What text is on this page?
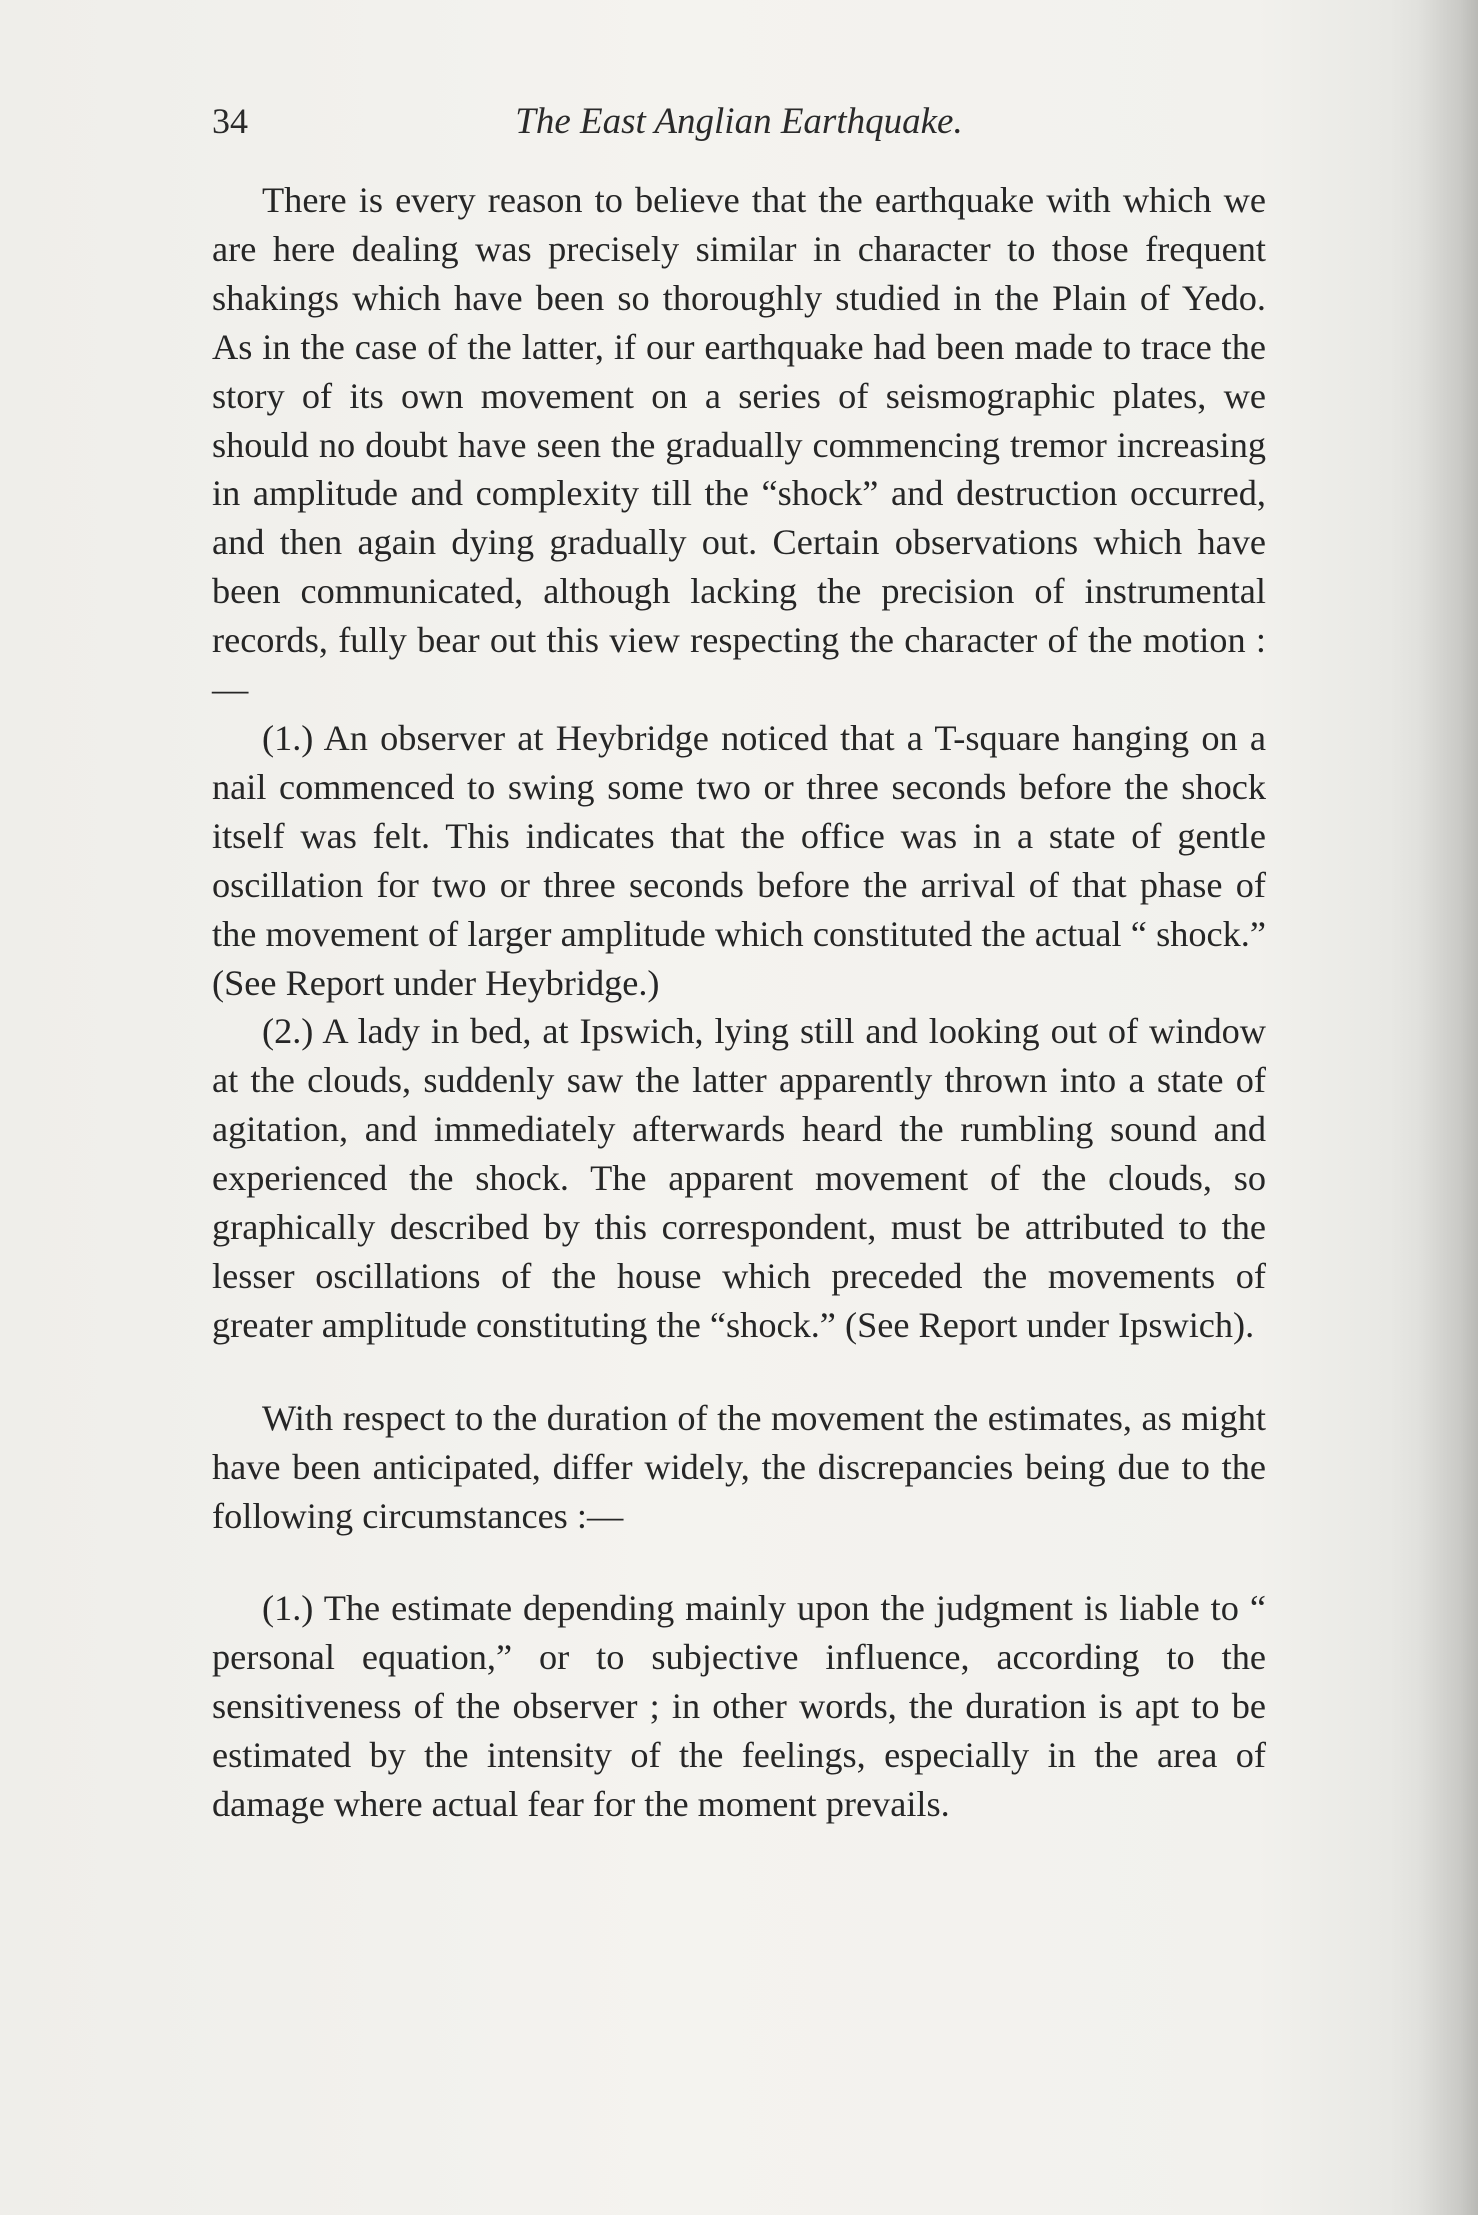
34	The East Anglian Earthquake.

There is every reason to believe that the earthquake with which we are here dealing was precisely similar in character to those frequent shakings which have been so thoroughly studied in the Plain of Yedo. As in the case of the latter, if our earthquake had been made to trace the story of its own movement on a series of seismographic plates, we should no doubt have seen the gradually commencing tremor increasing in amplitude and complexity till the “shock” and destruction occurred, and then again dying gradually out. Certain observations which have been communicated, although lacking the precision of instrumental records, fully bear out this view respecting the character of the motion :—

(1.) An observer at Heybridge noticed that a T-square hanging on a nail commenced to swing some two or three seconds before the shock itself was felt. This indicates that the office was in a state of gentle oscillation for two or three seconds before the arrival of that phase of the movement of larger amplitude which constituted the actual “ shock.” (See Report under Heybridge.)

(2.) A lady in bed, at Ipswich, lying still and looking out of window at the clouds, suddenly saw the latter apparently thrown into a state of agitation, and immediately afterwards heard the rumbling sound and experienced the shock. The apparent movement of the clouds, so graphically described by this correspondent, must be attributed to the lesser oscillations of the house which preceded the movements of greater amplitude constituting the “shock.” (See Report under Ipswich).

With respect to the duration of the movement the estimates, as might have been anticipated, differ widely, the discrepancies being due to the following circumstances :—

(1.) The estimate depending mainly upon the judgment is liable to “ personal equation,” or to subjective influence, according to the sensitiveness of the observer ; in other words, the duration is apt to be estimated by the intensity of the feelings, especially in the area of damage where actual fear for the moment prevails.
